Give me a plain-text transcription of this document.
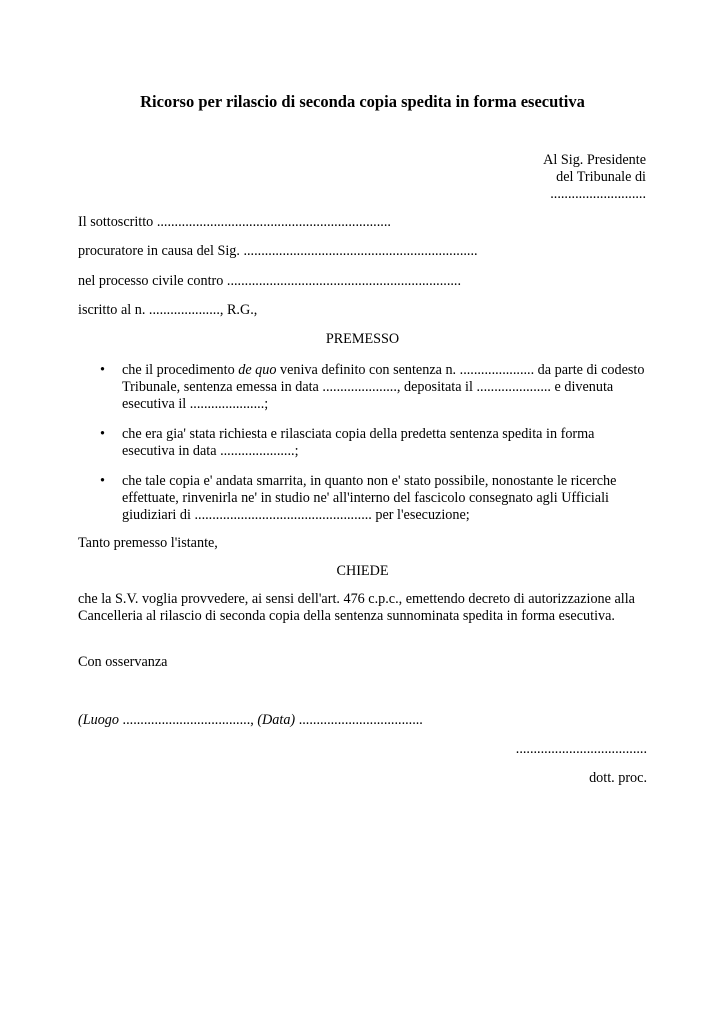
Ricorso per rilascio di seconda copia spedita in forma esecutiva
Al Sig. Presidente
del Tribunale di
...........................
Il sottoscritto ..................................................................
procuratore in causa del Sig. ..................................................................
nel processo civile contro ..................................................................
iscritto al n. ...................., R.G.,
PREMESSO
• che il procedimento de quo veniva definito con sentenza n. ..................... da parte di codesto Tribunale, sentenza emessa in data ....................., depositata il ..................... e divenuta esecutiva il .....................;
• che era gia' stata richiesta e rilasciata copia della predetta sentenza spedita in forma esecutiva in data .....................;
• che tale copia e' andata smarrita, in quanto non e' stato possibile, nonostante le ricerche effettuate, rinvenirla ne' in studio ne' all'interno del fascicolo consegnato agli Ufficiali giudiziari di .................................................. per l'esecuzione;
Tanto premesso l'istante,
CHIEDE
che la S.V. voglia provvedere, ai sensi dell'art. 476 c.p.c., emettendo decreto di autorizzazione alla Cancelleria al rilascio di seconda copia della sentenza sunnominata spedita in forma esecutiva.
Con osservanza
(Luogo ...................................., (Data) ...................................
.....................................
dott. proc.
